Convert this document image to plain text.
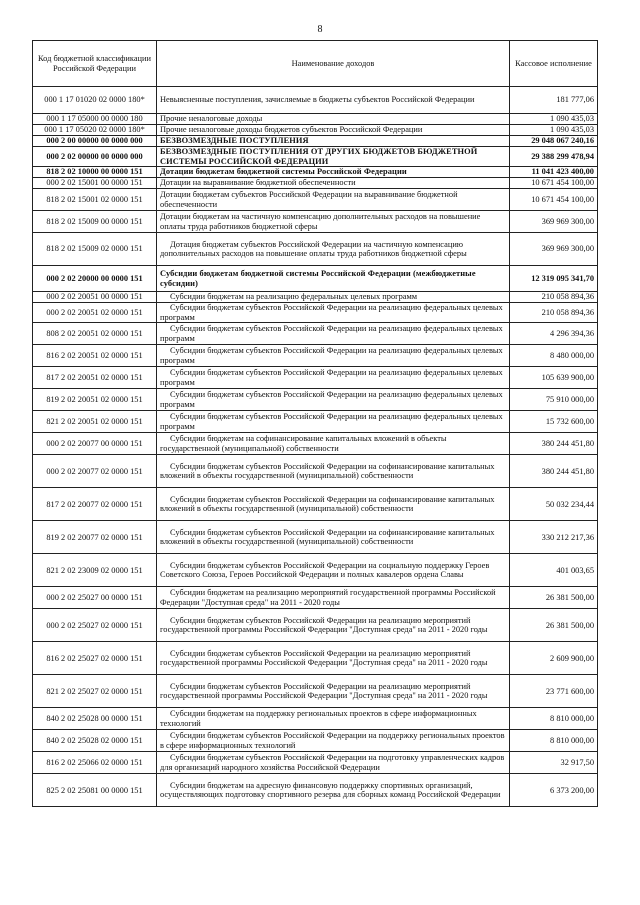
8
Код бюджетной классификации Российской Федерации	Наименование доходов	Кассовое исполнение
000 1 17 01020 02 0000 180*	Невыясненные поступления, зачисляемые в бюджеты субъектов Российской Федерации	181 777,06
000 1 17 05000 00 0000 180	Прочие неналоговые доходы	1 090 435,03
000 1 17 05020 02 0000 180*	Прочие неналоговые доходы бюджетов субъектов Российской Федерации	1 090 435,03
000 2 00 00000 00 0000 000	БЕЗВОЗМЕЗДНЫЕ ПОСТУПЛЕНИЯ	29 048 067 240,16
000 2 02 00000 00 0000 000	БЕЗВОЗМЕЗДНЫЕ ПОСТУПЛЕНИЯ ОТ ДРУГИХ БЮДЖЕТОВ БЮДЖЕТНОЙ СИСТЕМЫ РОССИЙСКОЙ ФЕДЕРАЦИИ	29 388 299 478,94
818 2 02 10000 00 0000 151	Дотации бюджетам бюджетной системы Российской Федерации	11 041 423 400,00
000 2 02 15001 00 0000 151	Дотации на выравнивание бюджетной обеспеченности	10 671 454 100,00
818 2 02 15001 02 0000 151	Дотации бюджетам субъектов Российской Федерации на выравнивание бюджетной обеспеченности	10 671 454 100,00
818 2 02 15009 00 0000 151	Дотации бюджетам на частичную компенсацию дополнительных расходов на повышение оплаты труда работников бюджетной сферы	369 969 300,00
818 2 02 15009 02 0000 151	Дотация бюджетам субъектов Российской Федерации на частичную компенсацию дополнительных расходов на повышение оплаты труда работников бюджетной сферы	369 969 300,00
000 2 02 20000 00 0000 151	Субсидии бюджетам бюджетной системы Российской Федерации (межбюджетные субсидии)	12 319 095 341,70
000 2 02 20051 00 0000 151	Субсидии бюджетам на реализацию федеральных целевых программ	210 058 894,36
000 2 02 20051 02 0000 151	Субсидии бюджетам субъектов Российской Федерации на реализацию федеральных целевых программ	210 058 894,36
808 2 02 20051 02 0000 151	Субсидии бюджетам субъектов Российской Федерации на реализацию федеральных целевых программ	4 296 394,36
816 2 02 20051 02 0000 151	Субсидии бюджетам субъектов Российской Федерации на реализацию федеральных целевых программ	8 480 000,00
817 2 02 20051 02 0000 151	Субсидии бюджетам субъектов Российской Федерации на реализацию федеральных целевых программ	105 639 900,00
819 2 02 20051 02 0000 151	Субсидии бюджетам субъектов Российской Федерации на реализацию федеральных целевых программ	75 910 000,00
821 2 02 20051 02 0000 151	Субсидии бюджетам субъектов Российской Федерации на реализацию федеральных целевых программ	15 732 600,00
000 2 02 20077 00 0000 151	Субсидии бюджетам на софинансирование капитальных вложений в объекты государственной (муниципальной) собственности	380 244 451,80
000 2 02 20077 02 0000 151	Субсидии бюджетам субъектов Российской Федерации на софинансирование капитальных вложений в объекты государственной (муниципальной) собственности	380 244 451,80
817 2 02 20077 02 0000 151	Субсидии бюджетам субъектов Российской Федерации на софинансирование капитальных вложений в объекты государственной (муниципальной) собственности	50 032 234,44
819 2 02 20077 02 0000 151	Субсидии бюджетам субъектов Российской Федерации на софинансирование капитальных вложений в объекты государственной (муниципальной) собственности	330 212 217,36
821 2 02 23009 02 0000 151	Субсидии бюджетам субъектов Российской Федерации на социальную поддержку Героев Советского Союза, Героев Российской Федерации и полных кавалеров ордена Славы	401 003,65
000 2 02 25027 00 0000 151	Субсидии бюджетам на реализацию мероприятий государственной программы Российской Федерации "Доступная среда" на 2011 - 2020 годы	26 381 500,00
000 2 02 25027 02 0000 151	Субсидии бюджетам субъектов Российской Федерации на реализацию мероприятий государственной программы Российской Федерации "Доступная среда" на 2011 - 2020 годы	26 381 500,00
816 2 02 25027 02 0000 151	Субсидии бюджетам субъектов Российской Федерации на реализацию мероприятий государственной программы Российской Федерации "Доступная среда" на 2011 - 2020 годы	2 609 900,00
821 2 02 25027 02 0000 151	Субсидии бюджетам субъектов Российской Федерации на реализацию мероприятий государственной программы Российской Федерации "Доступная среда" на 2011 - 2020 годы	23 771 600,00
840 2 02 25028 00 0000 151	Субсидии бюджетам на поддержку региональных проектов в сфере информационных технологий	8 810 000,00
840 2 02 25028 02 0000 151	Субсидии бюджетам субъектов Российской Федерации на поддержку региональных проектов в сфере информационных технологий	8 810 000,00
816 2 02 25066 02 0000 151	Субсидии бюджетам субъектов Российской Федерации на подготовку управленческих кадров для организаций народного хозяйства Российской Федерации	32 917,50
825 2 02 25081 00 0000 151	Субсидии бюджетам на адресную финансовую поддержку спортивных организаций, осуществляющих подготовку спортивного резерва для сборных команд Российской Федерации	6 373 200,00
